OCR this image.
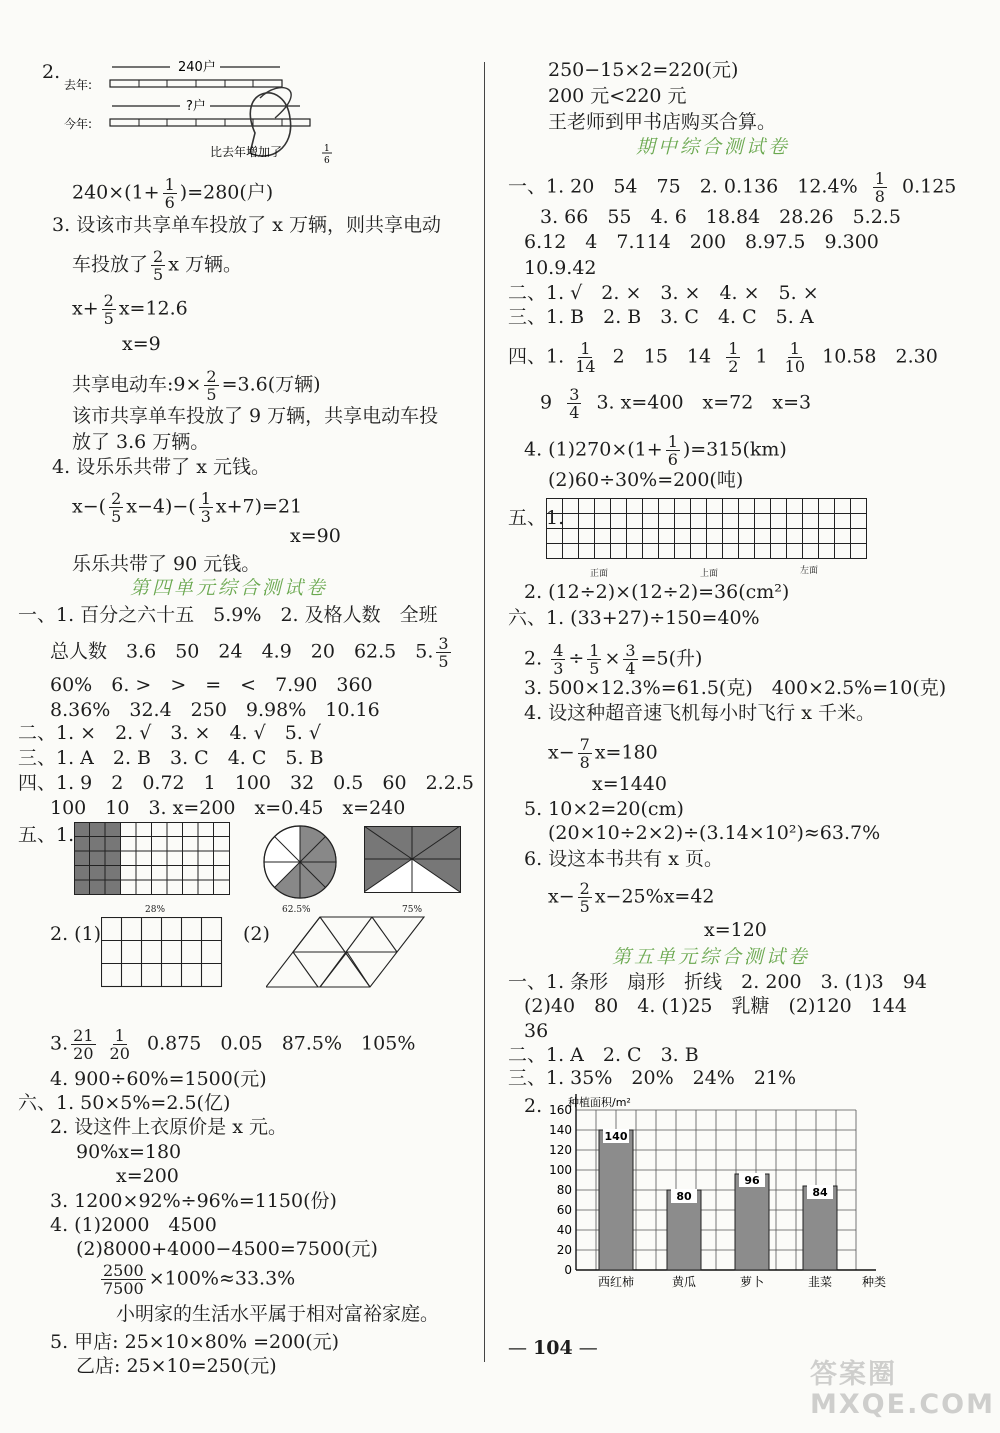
2.	240户
去年:
?户
今年:
比去年增加了	1
6
$240\times(1+ \frac{1}{6} )=280$(户)
3. 设该市共享单车投放了 x 万辆，则共享电动
车投放了 $\frac{2}{5}$ x 万辆。
$x+ \frac{2}{5} x=12.6$
x=9
共享电动车:9× $\frac{2}{5} =3.6$(万辆)
该市共享单车投放了 9 万辆，共享电动车投
放了 3.6 万辆。
4. 设乐乐共带了 x 元钱。
$x-( \frac{2}{5} x-4)-( \frac{1}{3} x+7)=21$
x=90
乐乐共带了 90 元钱。
第四单元综合测试卷
一、1. 百分之六十五　5.9%　2. 及格人数　全班
总人数　3.6　50　24　4.9　20　62.5　5. $\frac{3}{5}$
60%　6. >　>　=　<　7.90　360
8.36%　32.4　250　9.98%　10.16
二、1. ×　2. √　3. ×　4. √　5. √
三、1. A　2. B　3. C　4. C　5. B
四、1. 9　2　0.72　1　100　32　0.5　60　2.2.5
100　10　3. x=200　x=0.45　x=240
五、1.
28%	62.5%	75%
2. (1)	(2)
3. $\frac{21}{20}$
$\frac{1}{20} 0.875$　0.05　87.5%　105%
4. 900÷60%=1500(元)
六、1. 50×5%=2.5(亿)
2. 设这件上衣原价是 x 元。
90%x=180
x=200
3. 1200×92%÷96%=1150(份)
4. (1)2000　4500
(2)8000+4000−4500=7500(元)
$\frac{2500}{7500} \times 100\%\approx 33.3\%$
小明家的生活水平属于相对富裕家庭。
5. 甲店: 25×10×80% =200(元)
乙店: 25×10=250(元)
250−15×2=220(元)
200 元<220 元
王老师到甲书店购买合算。
期中综合测试卷
一、1. 20　54　75　2. 0.136　$12.4\% \frac{1}{8} 0.125$
3. 66　55　4. 6　18.84　28.26　5.2.5
6.12　4　7.114　200　8.97.5　9.300
10.9.42
二、1. √　2. ×　3. ×　4. ×　5. ×
三、1. B　2. B　3. C　4. C　5. A
四、1. $\frac{1}{14} 2$　15　$14 \frac{1}{2} 1 \frac{1}{10} 10.58$　2.30
$9 \frac{3}{4} 3$. x=400　x=72　x=3
4. $(1)270\times(1+ \frac{1}{6} )=315(km)$
(2)60÷30%=200(吨)
五、1.
正面	上面	左面
2. (12÷2)×(12÷2)=36(cm²)
六、1. (33+27)÷150=40%
2. $\frac{4}{3} \div \frac{1}{5} \times \frac{3}{4} =5$(升)
3. 500×12.3%=61.5(克)　400×2.5%=10(克)
4. 设这种超音速飞机每小时飞行 x 千米。
$x- \frac{7}{8} x=180$
x=1440
5. 10×2=20(cm)
(20×10÷2×2)÷(3.14×10²)≈63.7%
6. 设这本书共有 x 页。
$x- \frac{2}{5} x-25\%x=42$
x=120
第五单元综合测试卷
一、1. 条形　扇形　折线　2. 200　3. (1)3　94
(2)40　80　4. (1)25　乳糖　(2)120　144
36
二、1. A　2. C　3. B
三、1. 35%　20%　24%　21%
2.
0
20
40
60
80
100
120
140
160
种植面积/m²
140
西红柿
80
黄瓜
96
萝卜
84
韭菜 种类
— 104 —
答案圈 MXQE.COM
